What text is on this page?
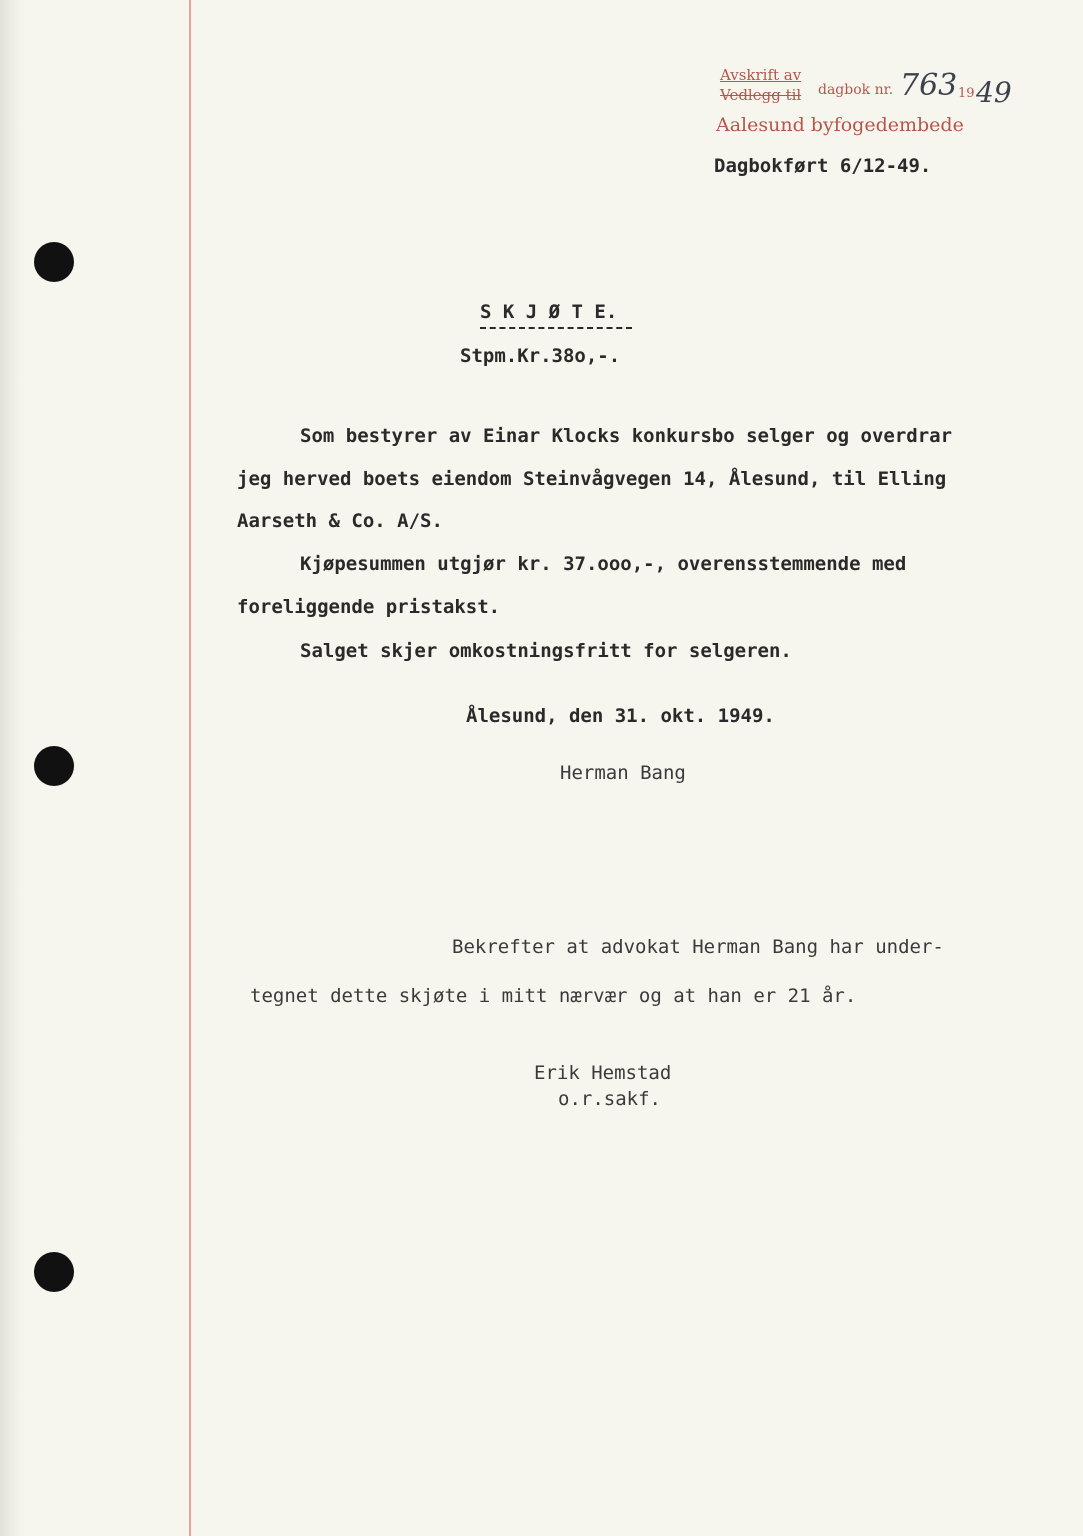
Avskrift av
Vedlegg til dagbok nr. 763 19 49
Aalesund byfogedembede
Dagbokført 6/12-49.
S K J Ø T E.
Stpm.Kr.38o,-.
Som bestyrer av Einar Klocks konkursbo selger og overdrar
jeg herved boets eiendom Steinvågvegen 14, Ålesund, til Elling
Aarseth & Co. A/S.
Kjøpesummen utgjør kr. 37.ooo,-, overensstemmende med
foreliggende pristakst.
Salget skjer omkostningsfritt for selgeren.
Ålesund, den 31. okt. 1949.
Herman Bang
Bekrefter at advokat Herman Bang har under-
tegnet dette skjøte i mitt nærvær og at han er 21 år.
Erik Hemstad
o.r.sakf.
